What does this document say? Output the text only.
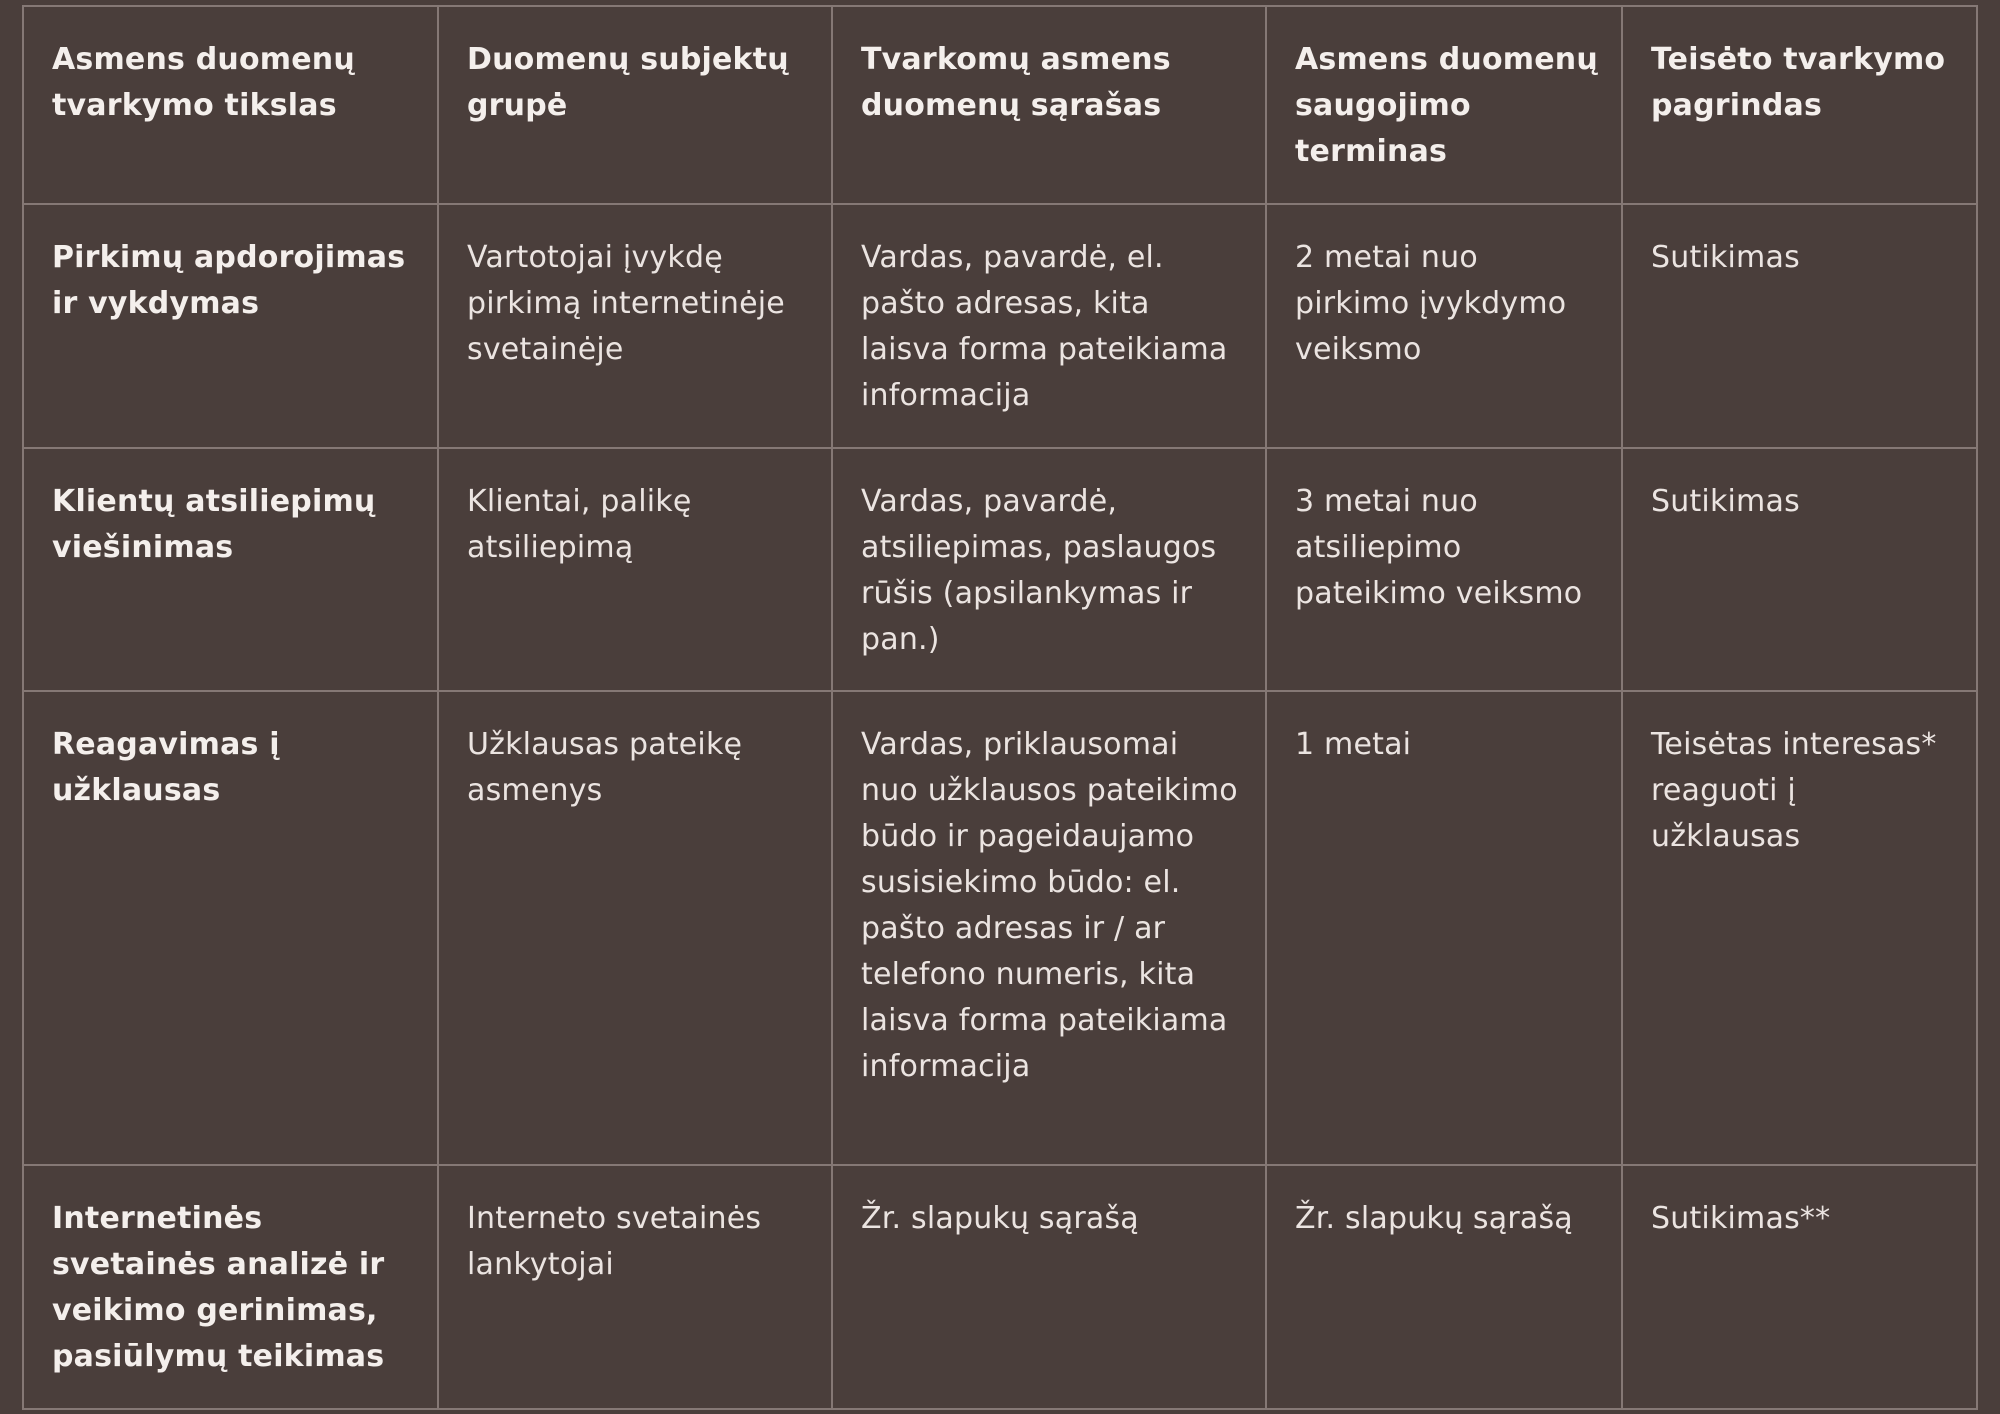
Asmens duomenų tvarkymo tikslas	Duomenų subjektų grupė	Tvarkomų asmens duomenų sąrašas	Asmens duomenų saugojimo terminas	Teisėto tvarkymo pagrindas
Pirkimų apdorojimas ir vykdymas	Vartotojai įvykdę pirkimą internetinėje svetainėje	Vardas, pavardė, el. pašto adresas, kita laisva forma pateikiama informacija	2 metai nuo pirkimo įvykdymo veiksmo	Sutikimas
Klientų atsiliepimų viešinimas	Klientai, palikę atsiliepimą	Vardas, pavardė, atsiliepimas, paslaugos rūšis (apsilankymas ir pan.)	3 metai nuo atsiliepimo pateikimo veiksmo	Sutikimas
Reagavimas į užklausas	Užklausas pateikę asmenys	Vardas, priklausomai nuo užklausos pateikimo būdo ir pageidaujamo susisiekimo būdo: el. pašto adresas ir / ar telefono numeris, kita laisva forma pateikiama informacija	1 metai	Teisėtas interesas* reaguoti į užklausas
Internetinės svetainės analizė ir veikimo gerinimas, pasiūlymų teikimas	Interneto svetainės lankytojai	Žr. slapukų sąrašą	Žr. slapukų sąrašą	Sutikimas**
